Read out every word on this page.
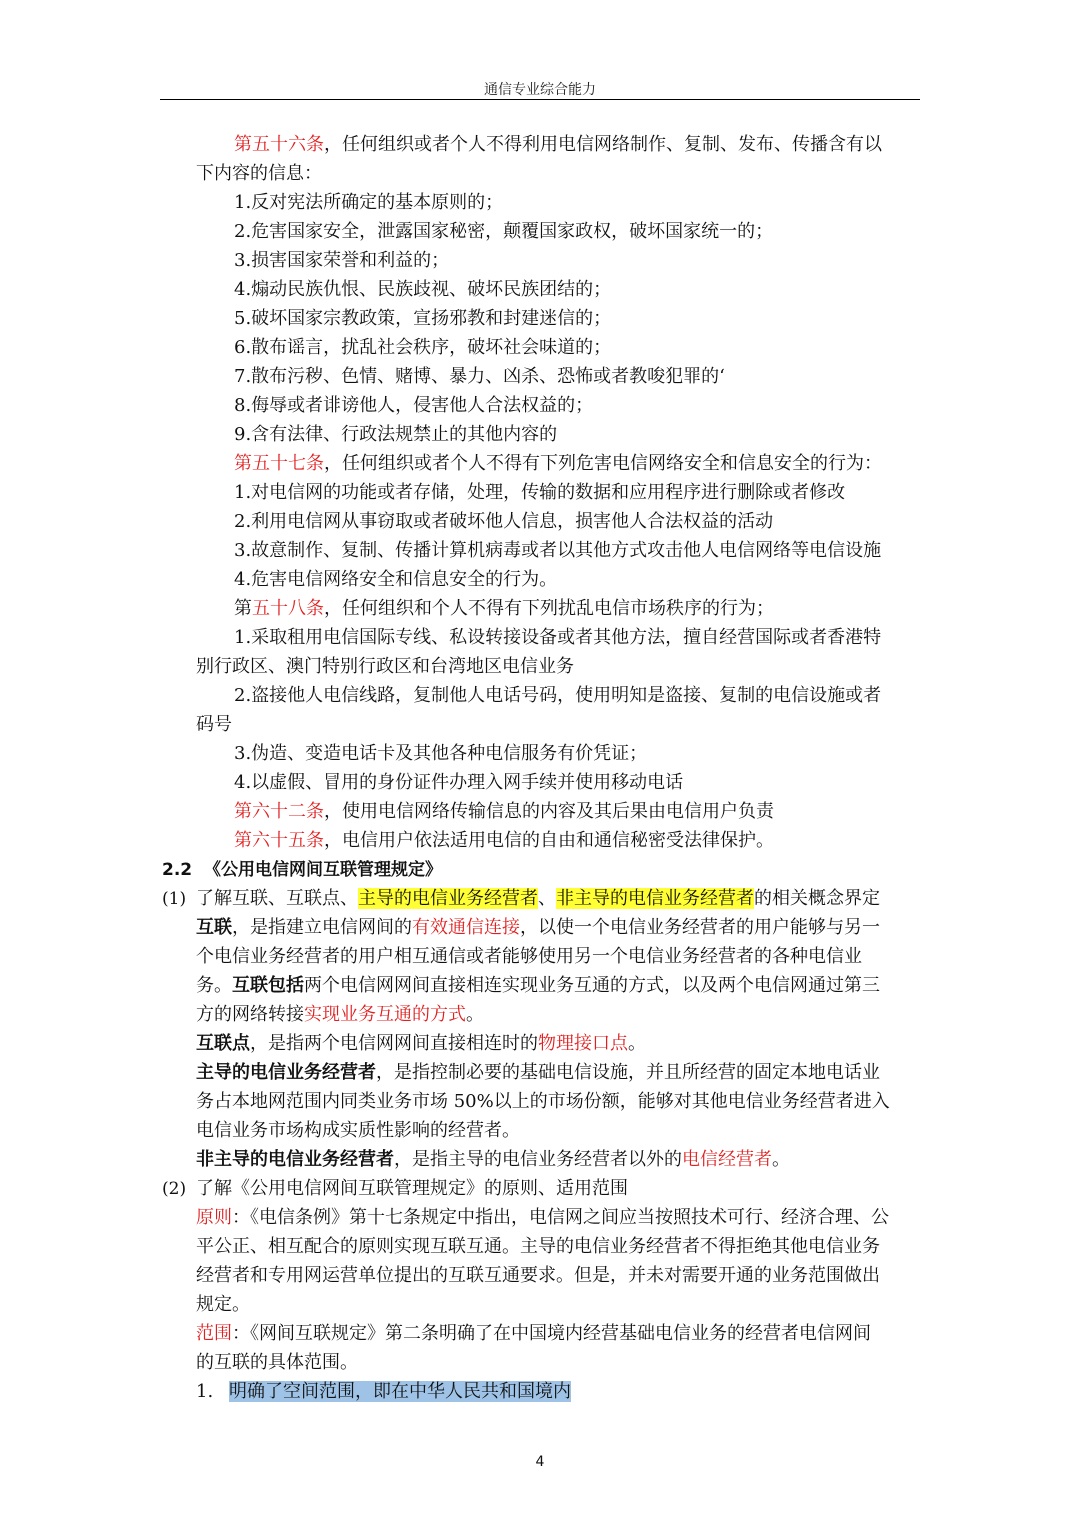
通信专业综合能力
第五十六条，任何组织或者个人不得利用电信网络制作、复制、发布、传播含有以
下内容的信息：
1.反对宪法所确定的基本原则的；
2.危害国家安全，泄露国家秘密，颠覆国家政权，破坏国家统一的；
3.损害国家荣誉和利益的；
4.煽动民族仇恨、民族歧视、破坏民族团结的；
5.破坏国家宗教政策，宣扬邪教和封建迷信的；
6.散布谣言，扰乱社会秩序，破坏社会味道的；
7.散布污秽、色情、赌博、暴力、凶杀、恐怖或者教唆犯罪的‘
8.侮辱或者诽谤他人，侵害他人合法权益的；
9.含有法律、行政法规禁止的其他内容的
第五十七条，任何组织或者个人不得有下列危害电信网络安全和信息安全的行为：
1.对电信网的功能或者存储，处理，传输的数据和应用程序进行删除或者修改
2.利用电信网从事窃取或者破坏他人信息，损害他人合法权益的活动
3.故意制作、复制、传播计算机病毒或者以其他方式攻击他人电信网络等电信设施
4.危害电信网络安全和信息安全的行为。
第五十八条，任何组织和个人不得有下列扰乱电信市场秩序的行为；
1.采取租用电信国际专线、私设转接设备或者其他方法，擅自经营国际或者香港特
别行政区、澳门特别行政区和台湾地区电信业务
2.盗接他人电信线路，复制他人电话号码，使用明知是盗接、复制的电信设施或者
码号
3.伪造、变造电话卡及其他各种电信服务有价凭证；
4.以虚假、冒用的身份证件办理入网手续并使用移动电话
第六十二条，使用电信网络传输信息的内容及其后果由电信用户负责
第六十五条，电信用户依法适用电信的自由和通信秘密受法律保护。
2.2 《公用电信网间互联管理规定》
(1) 了解互联、互联点、主导的电信业务经营者、非主导的电信业务经营者的相关概念界定
互联，是指建立电信网间的有效通信连接，以使一个电信业务经营者的用户能够与另一
个电信业务经营者的用户相互通信或者能够使用另一个电信业务经营者的各种电信业
务。互联包括两个电信网网间直接相连实现业务互通的方式，以及两个电信网通过第三
方的网络转接实现业务互通的方式。
互联点，是指两个电信网网间直接相连时的物理接口点。
主导的电信业务经营者，是指控制必要的基础电信设施，并且所经营的固定本地电话业
务占本地网范围内同类业务市场 50%以上的市场份额，能够对其他电信业务经营者进入
电信业务市场构成实质性影响的经营者。
非主导的电信业务经营者，是指主导的电信业务经营者以外的电信经营者。
(2) 了解《公用电信网间互联管理规定》的原则、适用范围
原则：《电信条例》第十七条规定中指出，电信网之间应当按照技术可行、经济合理、公
平公正、相互配合的原则实现互联互通。主导的电信业务经营者不得拒绝其他电信业务
经营者和专用网运营单位提出的互联互通要求。但是，并未对需要开通的业务范围做出
规定。
范围：《网间互联规定》第二条明确了在中国境内经营基础电信业务的经营者电信网间
的互联的具体范围。
1. 明确了空间范围，即在中华人民共和国境内
4
